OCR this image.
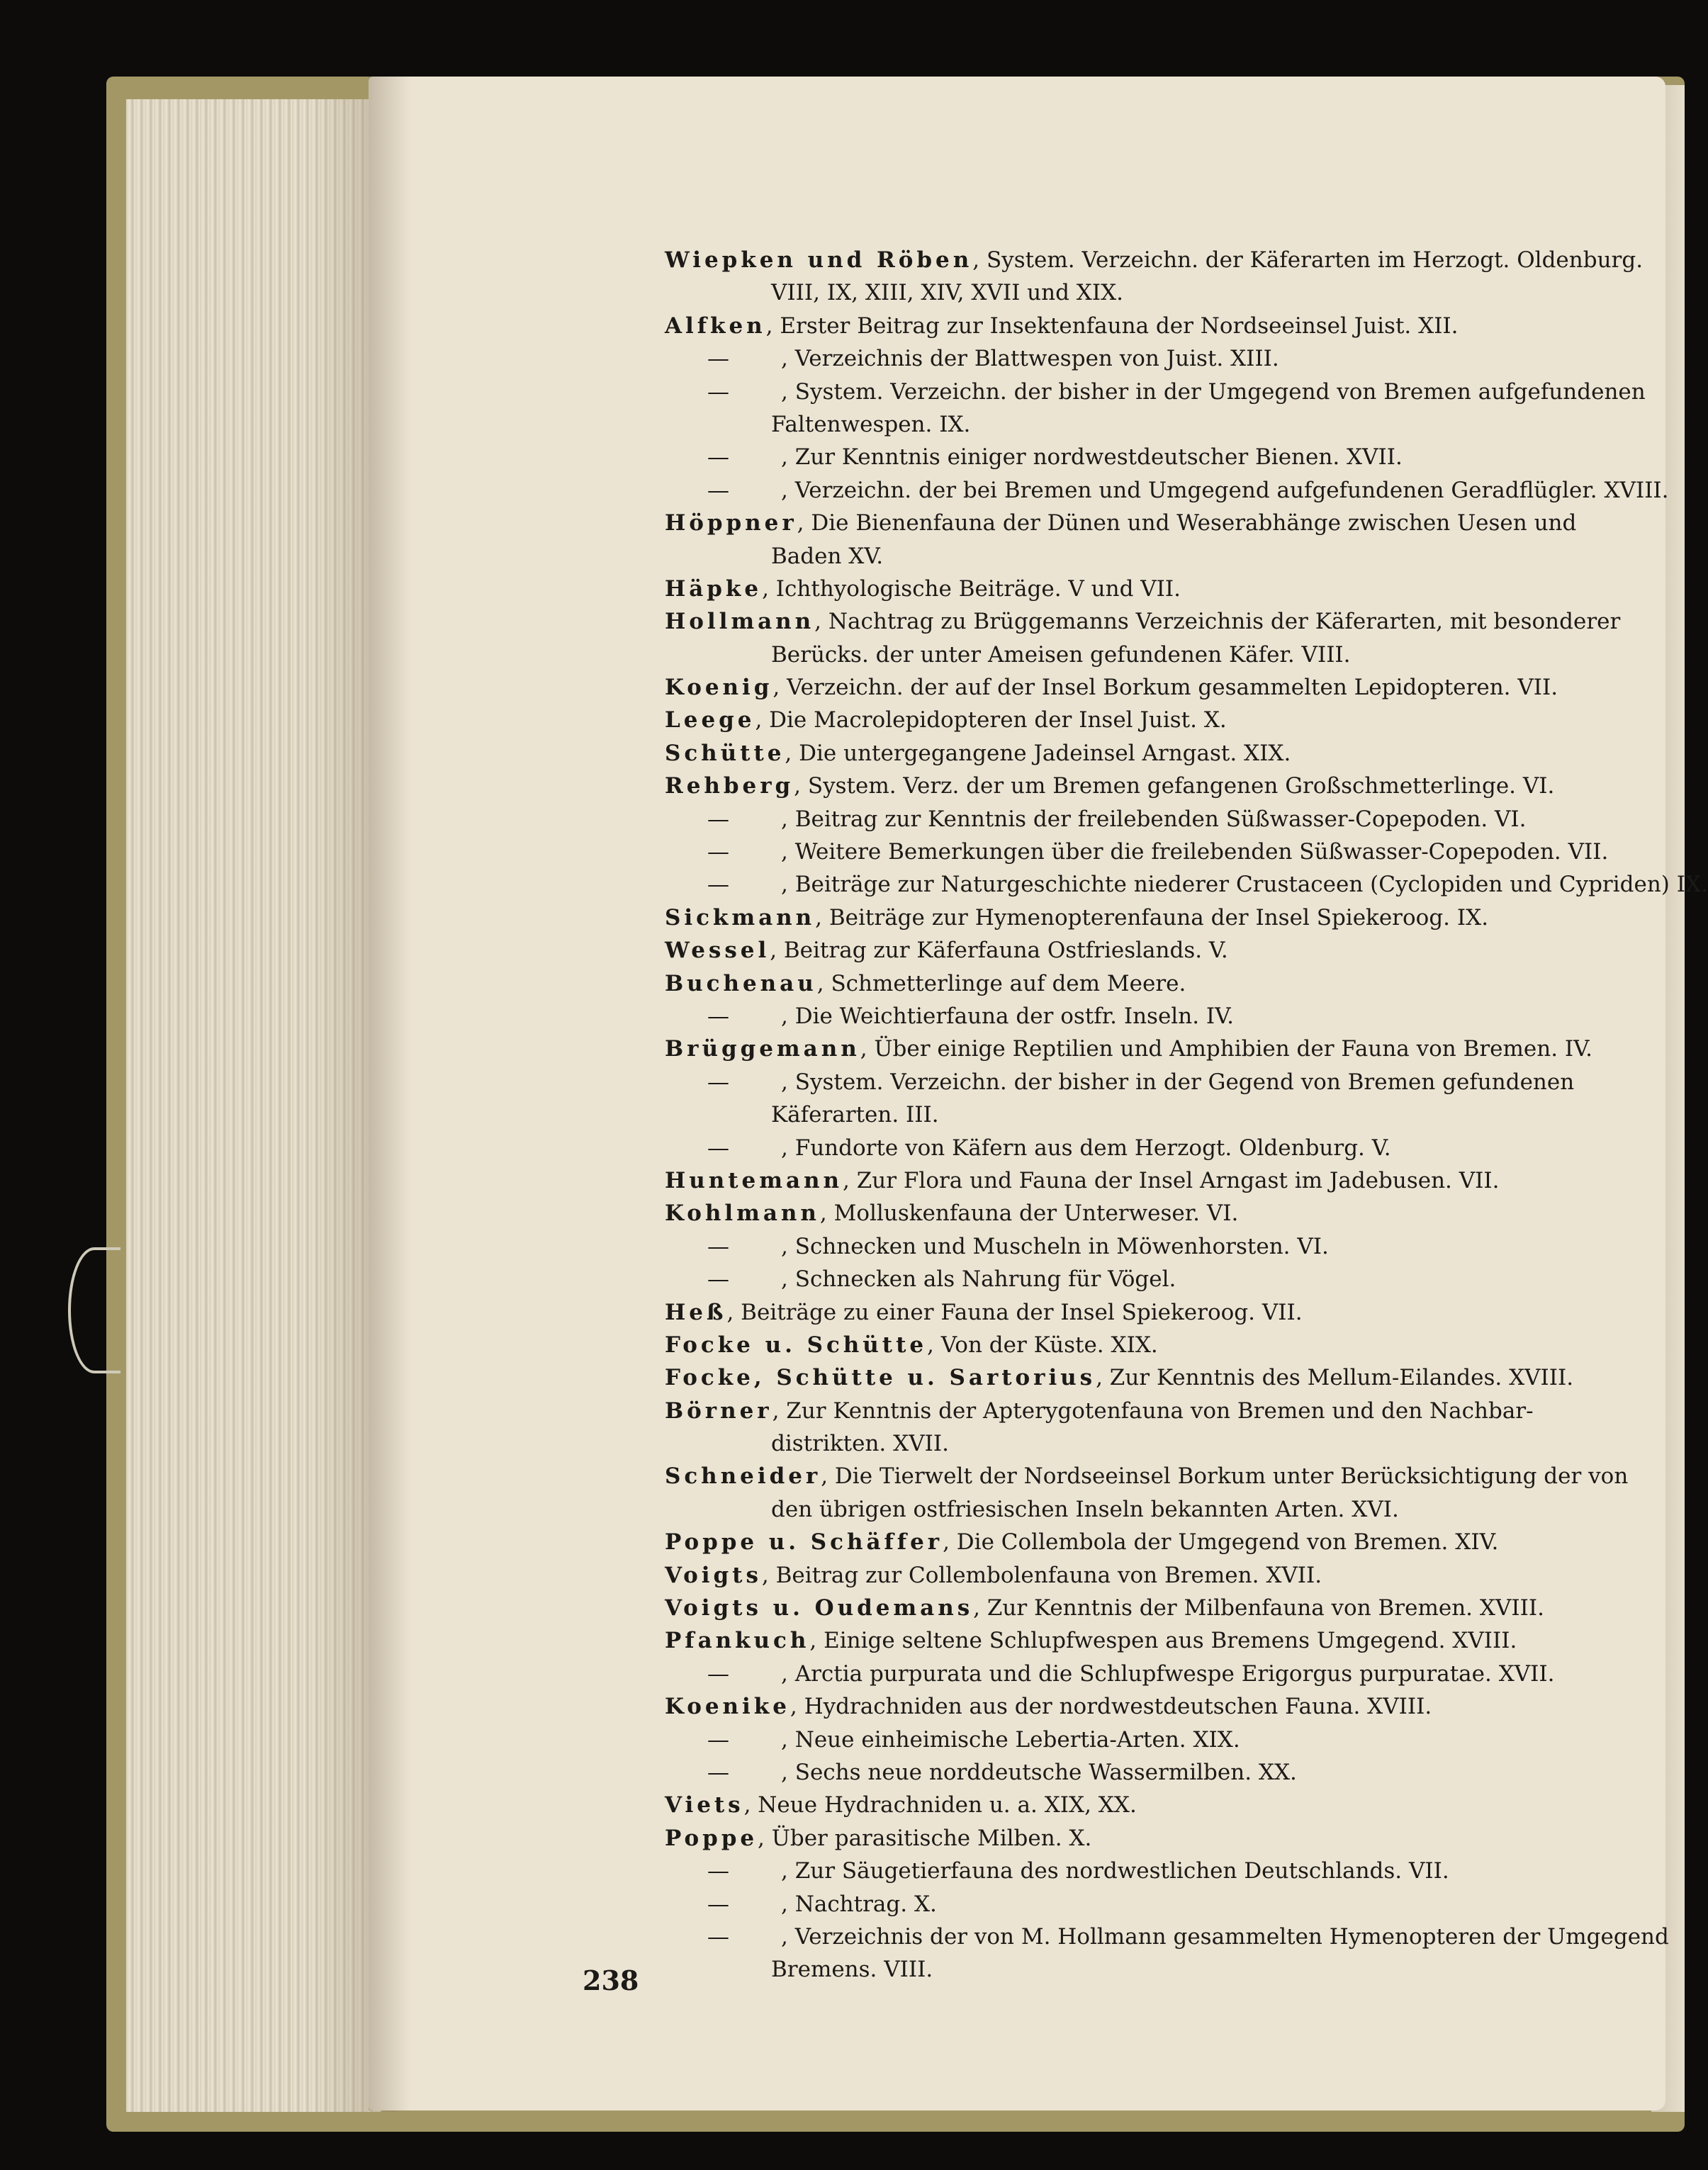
Wiepken und Röben, System. Verzeichn. der Käferarten im Herzogt. Oldenburg.
VIII, IX, XIII, XIV, XVII und XIX.
Alfken, Erster Beitrag zur Insektenfauna der Nordseeinsel Juist. XII.
— , Verzeichnis der Blattwespen von Juist. XIII.
— , System. Verzeichn. der bisher in der Umgegend von Bremen aufgefundenen
Faltenwespen. IX.
— , Zur Kenntnis einiger nordwestdeutscher Bienen. XVII.
— , Verzeichn. der bei Bremen und Umgegend aufgefundenen Geradflügler. XVIII.
Höppner, Die Bienenfauna der Dünen und Weserabhänge zwischen Uesen und
Baden XV.
Häpke, Ichthyologische Beiträge. V und VII.
Hollmann, Nachtrag zu Brüggemanns Verzeichnis der Käferarten, mit besonderer
Berücks. der unter Ameisen gefundenen Käfer. VIII.
Koenig, Verzeichn. der auf der Insel Borkum gesammelten Lepidopteren. VII.
Leege, Die Macrolepidopteren der Insel Juist. X.
Schütte, Die untergegangene Jadeinsel Arngast. XIX.
Rehberg, System. Verz. der um Bremen gefangenen Großschmetterlinge. VI.
— , Beitrag zur Kenntnis der freilebenden Süßwasser-Copepoden. VI.
— , Weitere Bemerkungen über die freilebenden Süßwasser-Copepoden. VII.
— , Beiträge zur Naturgeschichte niederer Crustaceen (Cyclopiden und Cypriden) IX.
Sickmann, Beiträge zur Hymenopterenfauna der Insel Spiekeroog. IX.
Wessel, Beitrag zur Käferfauna Ostfrieslands. V.
Buchenau, Schmetterlinge auf dem Meere.
— , Die Weichtierfauna der ostfr. Inseln. IV.
Brüggemann, Über einige Reptilien und Amphibien der Fauna von Bremen. IV.
— , System. Verzeichn. der bisher in der Gegend von Bremen gefundenen
Käferarten. III.
— , Fundorte von Käfern aus dem Herzogt. Oldenburg. V.
Huntemann, Zur Flora und Fauna der Insel Arngast im Jadebusen. VII.
Kohlmann, Molluskenfauna der Unterweser. VI.
— , Schnecken und Muscheln in Möwenhorsten. VI.
— , Schnecken als Nahrung für Vögel.
Heß, Beiträge zu einer Fauna der Insel Spiekeroog. VII.
Focke u. Schütte, Von der Küste. XIX.
Focke, Schütte u. Sartorius, Zur Kenntnis des Mellum-Eilandes. XVIII.
Börner, Zur Kenntnis der Apterygotenfauna von Bremen und den Nachbar-
distrikten. XVII.
Schneider, Die Tierwelt der Nordseeinsel Borkum unter Berücksichtigung der von
den übrigen ostfriesischen Inseln bekannten Arten. XVI.
Poppe u. Schäffer, Die Collembola der Umgegend von Bremen. XIV.
Voigts, Beitrag zur Collembolenfauna von Bremen. XVII.
Voigts u. Oudemans, Zur Kenntnis der Milbenfauna von Bremen. XVIII.
Pfankuch, Einige seltene Schlupfwespen aus Bremens Umgegend. XVIII.
— , Arctia purpurata und die Schlupfwespe Erigorgus purpuratae. XVII.
Koenike, Hydrachniden aus der nordwestdeutschen Fauna. XVIII.
— , Neue einheimische Lebertia-Arten. XIX.
— , Sechs neue norddeutsche Wassermilben. XX.
Viets, Neue Hydrachniden u. a. XIX, XX.
Poppe, Über parasitische Milben. X.
— , Zur Säugetierfauna des nordwestlichen Deutschlands. VII.
— , Nachtrag. X.
— , Verzeichnis der von M. Hollmann gesammelten Hymenopteren der Umgegend
Bremens. VIII.
238
